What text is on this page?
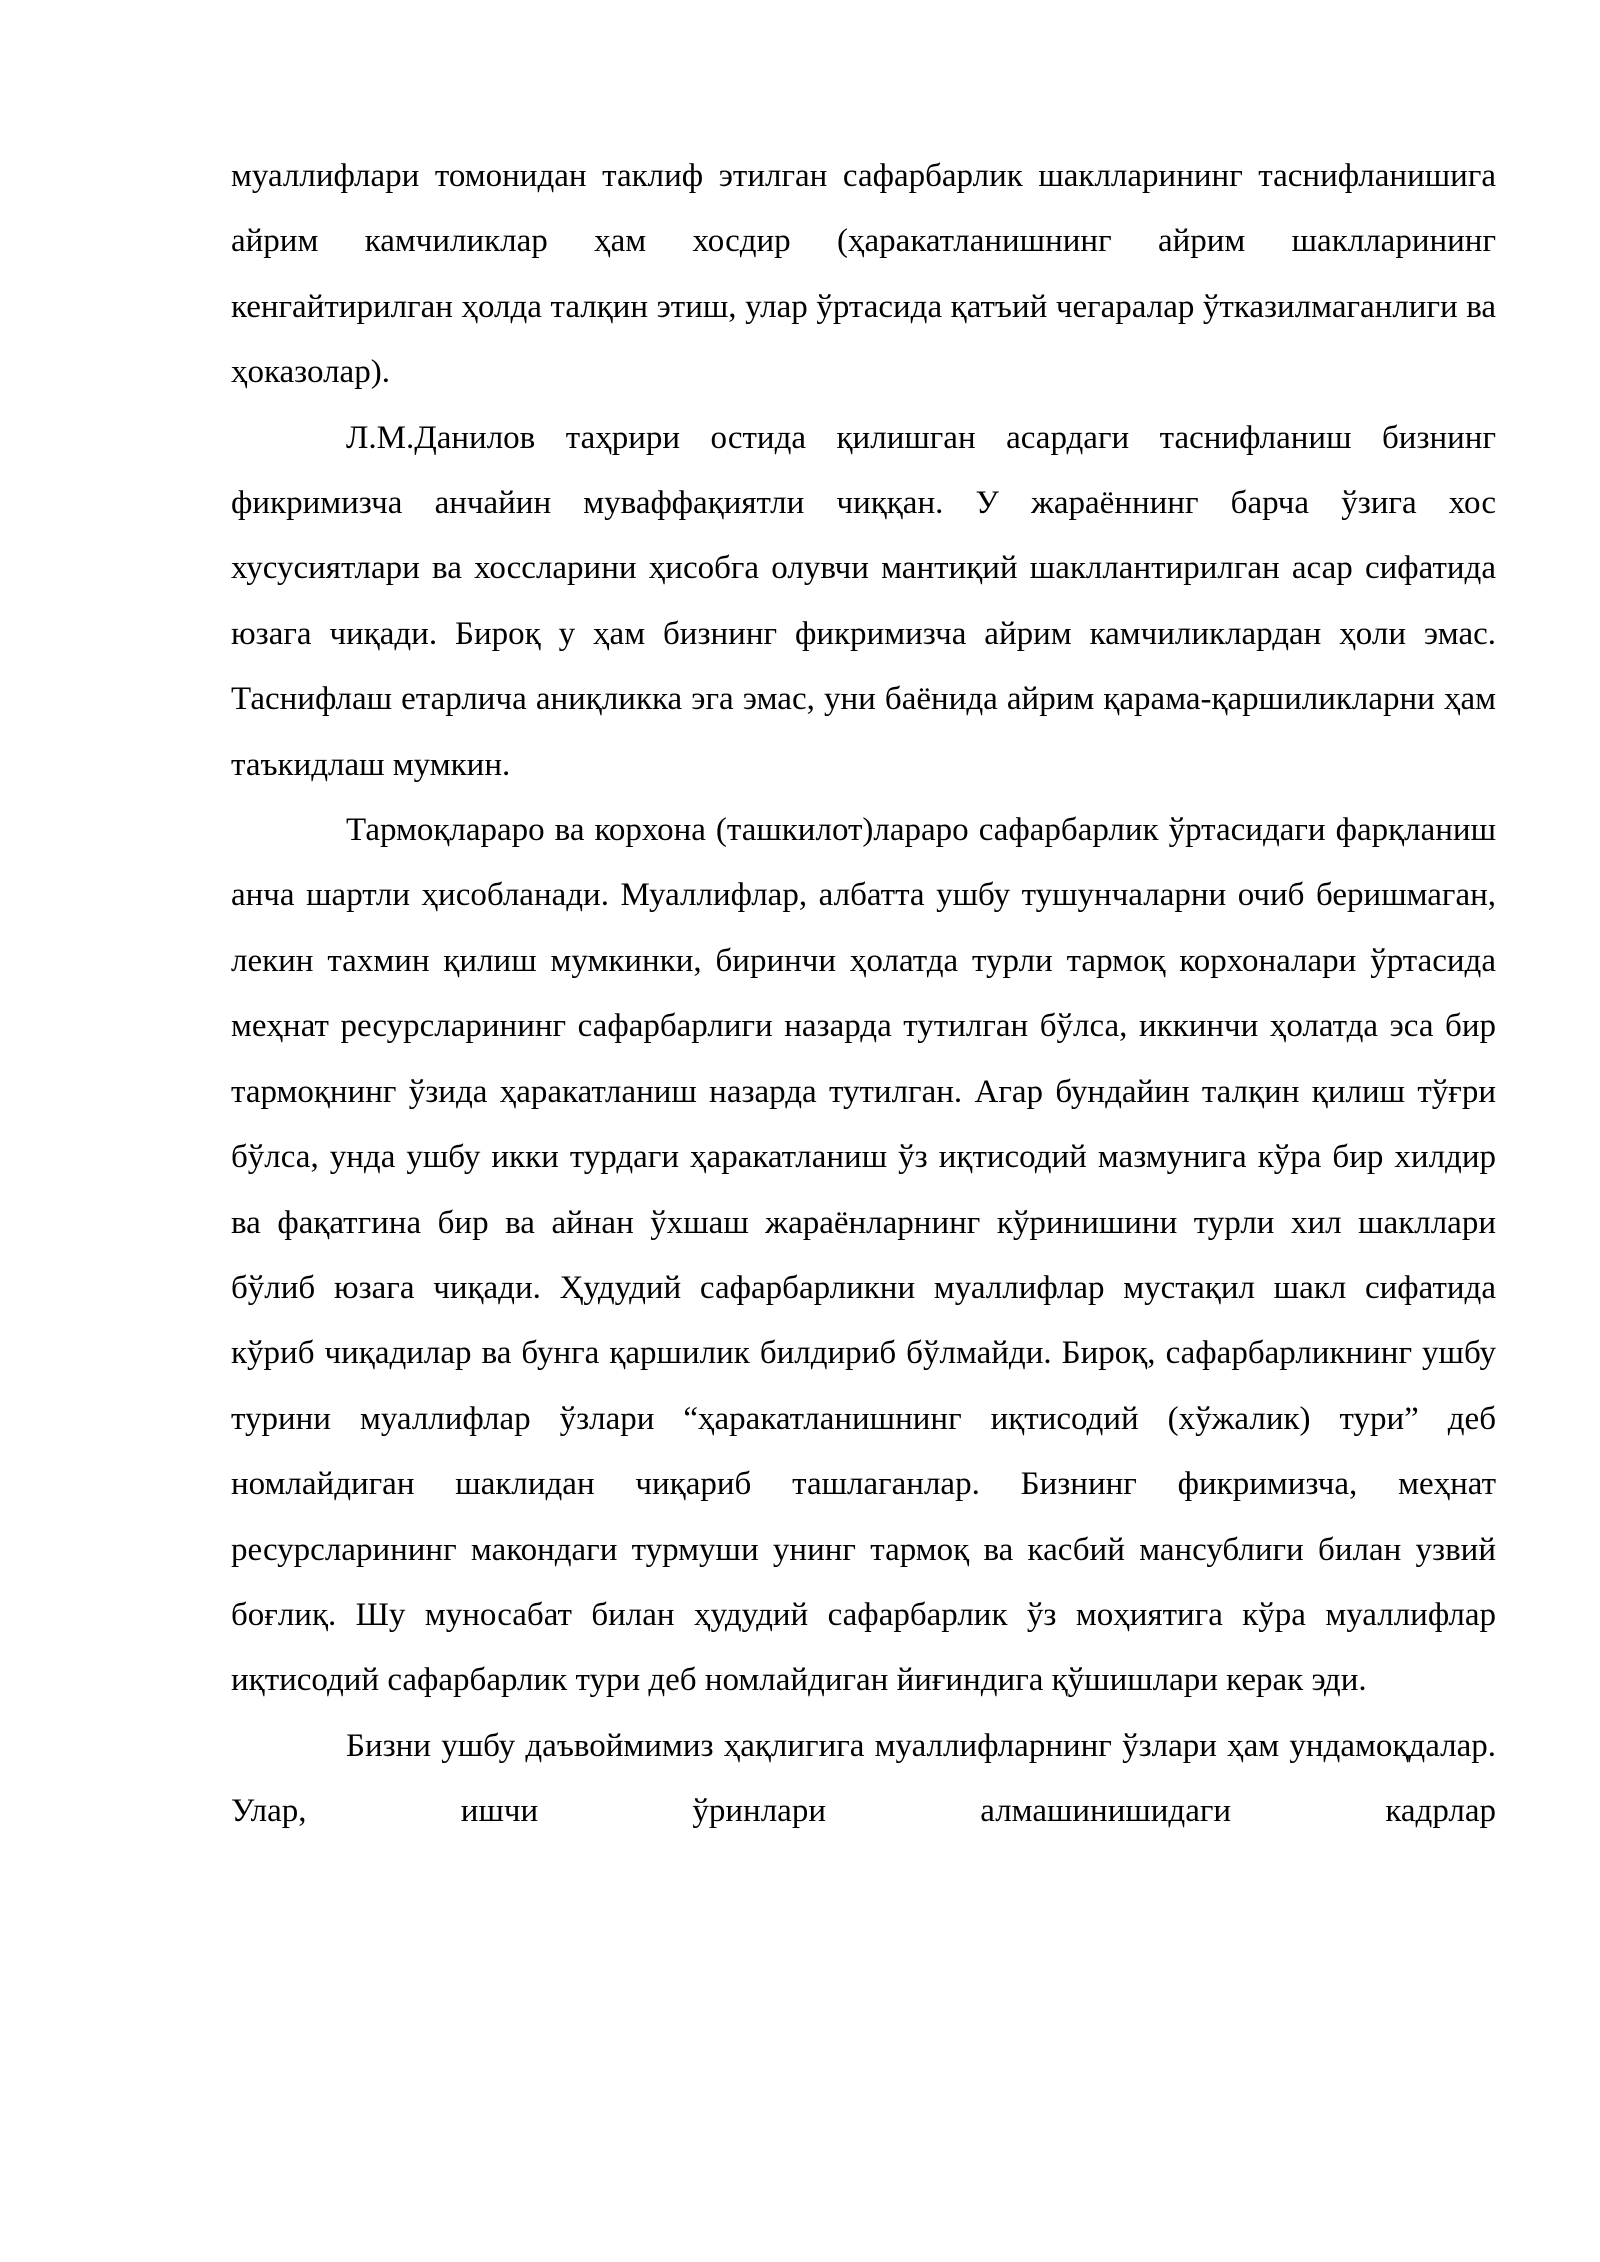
муаллифлари томонидан таклиф этилган сафарбарлик шаклларининг таснифланишига айрим камчиликлар ҳам хосдир (ҳаракатланишнинг айрим шаклларининг кенгайтирилган ҳолда талқин этиш, улар ўртасида қатъий чегаралар ўтказилмаганлиги ва ҳоказолар).

Л.М.Данилов таҳрири остида қилишган асардаги таснифланиш бизнинг фикримизча анчайин муваффақиятли чиққан. У жараённинг барча ўзига хос хусусиятлари ва хоссларини ҳисобга олувчи мантиқий шакллантирилган асар сифатида юзага чиқади. Бироқ у ҳам бизнинг фикримизча айрим камчиликлардан ҳоли эмас. Таснифлаш етарлича аниқликка эга эмас, уни баёнида айрим қарама-қаршиликларни ҳам таъкидлаш мумкин.

Тармоқлараро ва корхона (ташкилот)лараро сафарбарлик ўртасидаги фарқланиш анча шартли ҳисобланади. Муаллифлар, албатта ушбу тушунчаларни очиб беришмаган, лекин тахмин қилиш мумкинки, биринчи ҳолатда турли тармоқ корхоналари ўртасида меҳнат ресурсларининг сафарбарлиги назарда тутилган бўлса, иккинчи ҳолатда эса бир тармоқнинг ўзида ҳаракатланиш назарда тутилган. Агар бундайин талқин қилиш тўғри бўлса, унда ушбу икки турдаги ҳаракатланиш ўз иқтисодий мазмунига кўра бир хилдир ва фақатгина бир ва айнан ўхшаш жараёнларнинг кўринишини турли хил шакллари бўлиб юзага чиқади. Ҳудудий сафарбарликни муаллифлар мустақил шакл сифатида кўриб чиқадилар ва бунга қаршилик билдириб бўлмайди. Бироқ, сафарбарликнинг ушбу турини муаллифлар ўзлари “ҳаракатланишнинг иқтисодий (хўжалик) тури” деб номлайдиган шаклидан чиқариб ташлаганлар. Бизнинг фикримизча, меҳнат ресурсларининг макондаги турмуши унинг тармоқ ва касбий мансублиги билан узвий боғлиқ. Шу муносабат билан ҳудудий сафарбарлик ўз моҳиятига кўра муаллифлар иқтисодий сафарбарлик тури деб номлайдиган йиғиндига қўшишлари керак эди.

Бизни ушбу даъвоймимиз ҳақлигига муаллифларнинг ўзлари ҳам ундамоқдалар. Улар, ишчи ўринлари алмашинишидаги кадрлар
